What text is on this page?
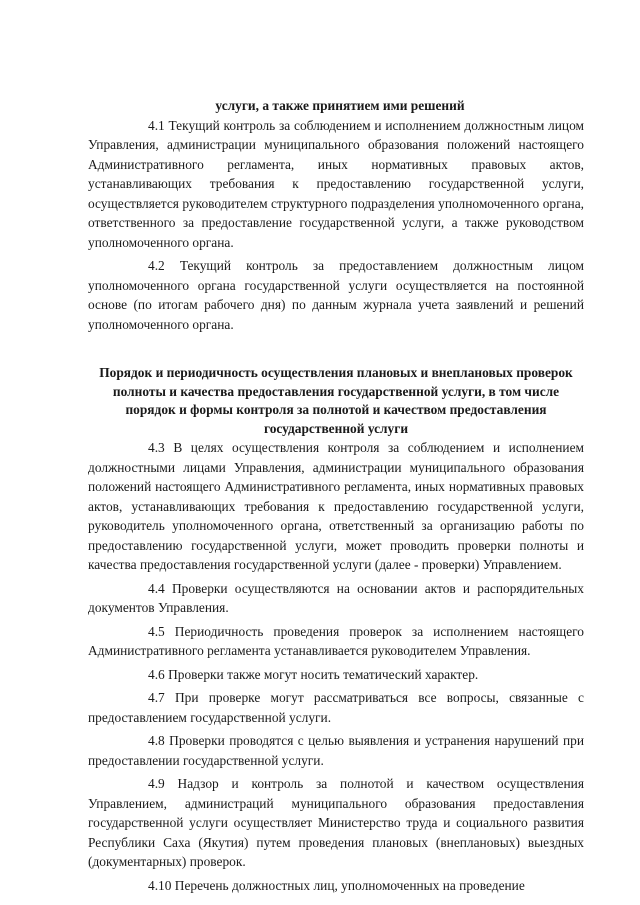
услуги, а также принятием ими решений

4.1 Текущий контроль за соблюдением и исполнением должностным лицом Управления, администрации муниципального образования положений настоящего Административного регламента, иных нормативных правовых актов, устанавливающих требования к предоставлению государственной услуги, осуществляется руководителем структурного подразделения уполномоченного органа, ответственного за предоставление государственной услуги, а также руководством уполномоченного органа.

4.2 Текущий контроль за предоставлением должностным лицом уполномоченного органа государственной услуги осуществляется на постоянной основе (по итогам рабочего дня) по данным журнала учета заявлений и решений уполномоченного органа.

Порядок и периодичность осуществления плановых и внеплановых проверок полноты и качества предоставления государственной услуги, в том числе порядок и формы контроля за полнотой и качеством предоставления государственной услуги

4.3 В целях осуществления контроля за соблюдением и исполнением должностными лицами Управления, администрации муниципального образования положений настоящего Административного регламента, иных нормативных правовых актов, устанавливающих требования к предоставлению государственной услуги, руководитель уполномоченного органа, ответственный за организацию работы по предоставлению государственной услуги, может проводить проверки полноты и качества предоставления государственной услуги (далее - проверки) Управлением.

4.4 Проверки осуществляются на основании актов и распорядительных документов Управления.

4.5 Периодичность проведения проверок за исполнением настоящего Административного регламента устанавливается руководителем Управления.

4.6 Проверки также могут носить тематический характер.

4.7 При проверке могут рассматриваться все вопросы, связанные с предоставлением государственной услуги.

4.8 Проверки проводятся с целью выявления и устранения нарушений при предоставлении государственной услуги.

4.9 Надзор и контроль за полнотой и качеством осуществления Управлением, администраций муниципального образования предоставления государственной услуги осуществляет Министерство труда и социального развития Республики Саха (Якутия) путем проведения плановых (внеплановых) выездных (документарных) проверок.

4.10 Перечень должностных лиц, уполномоченных на проведение
